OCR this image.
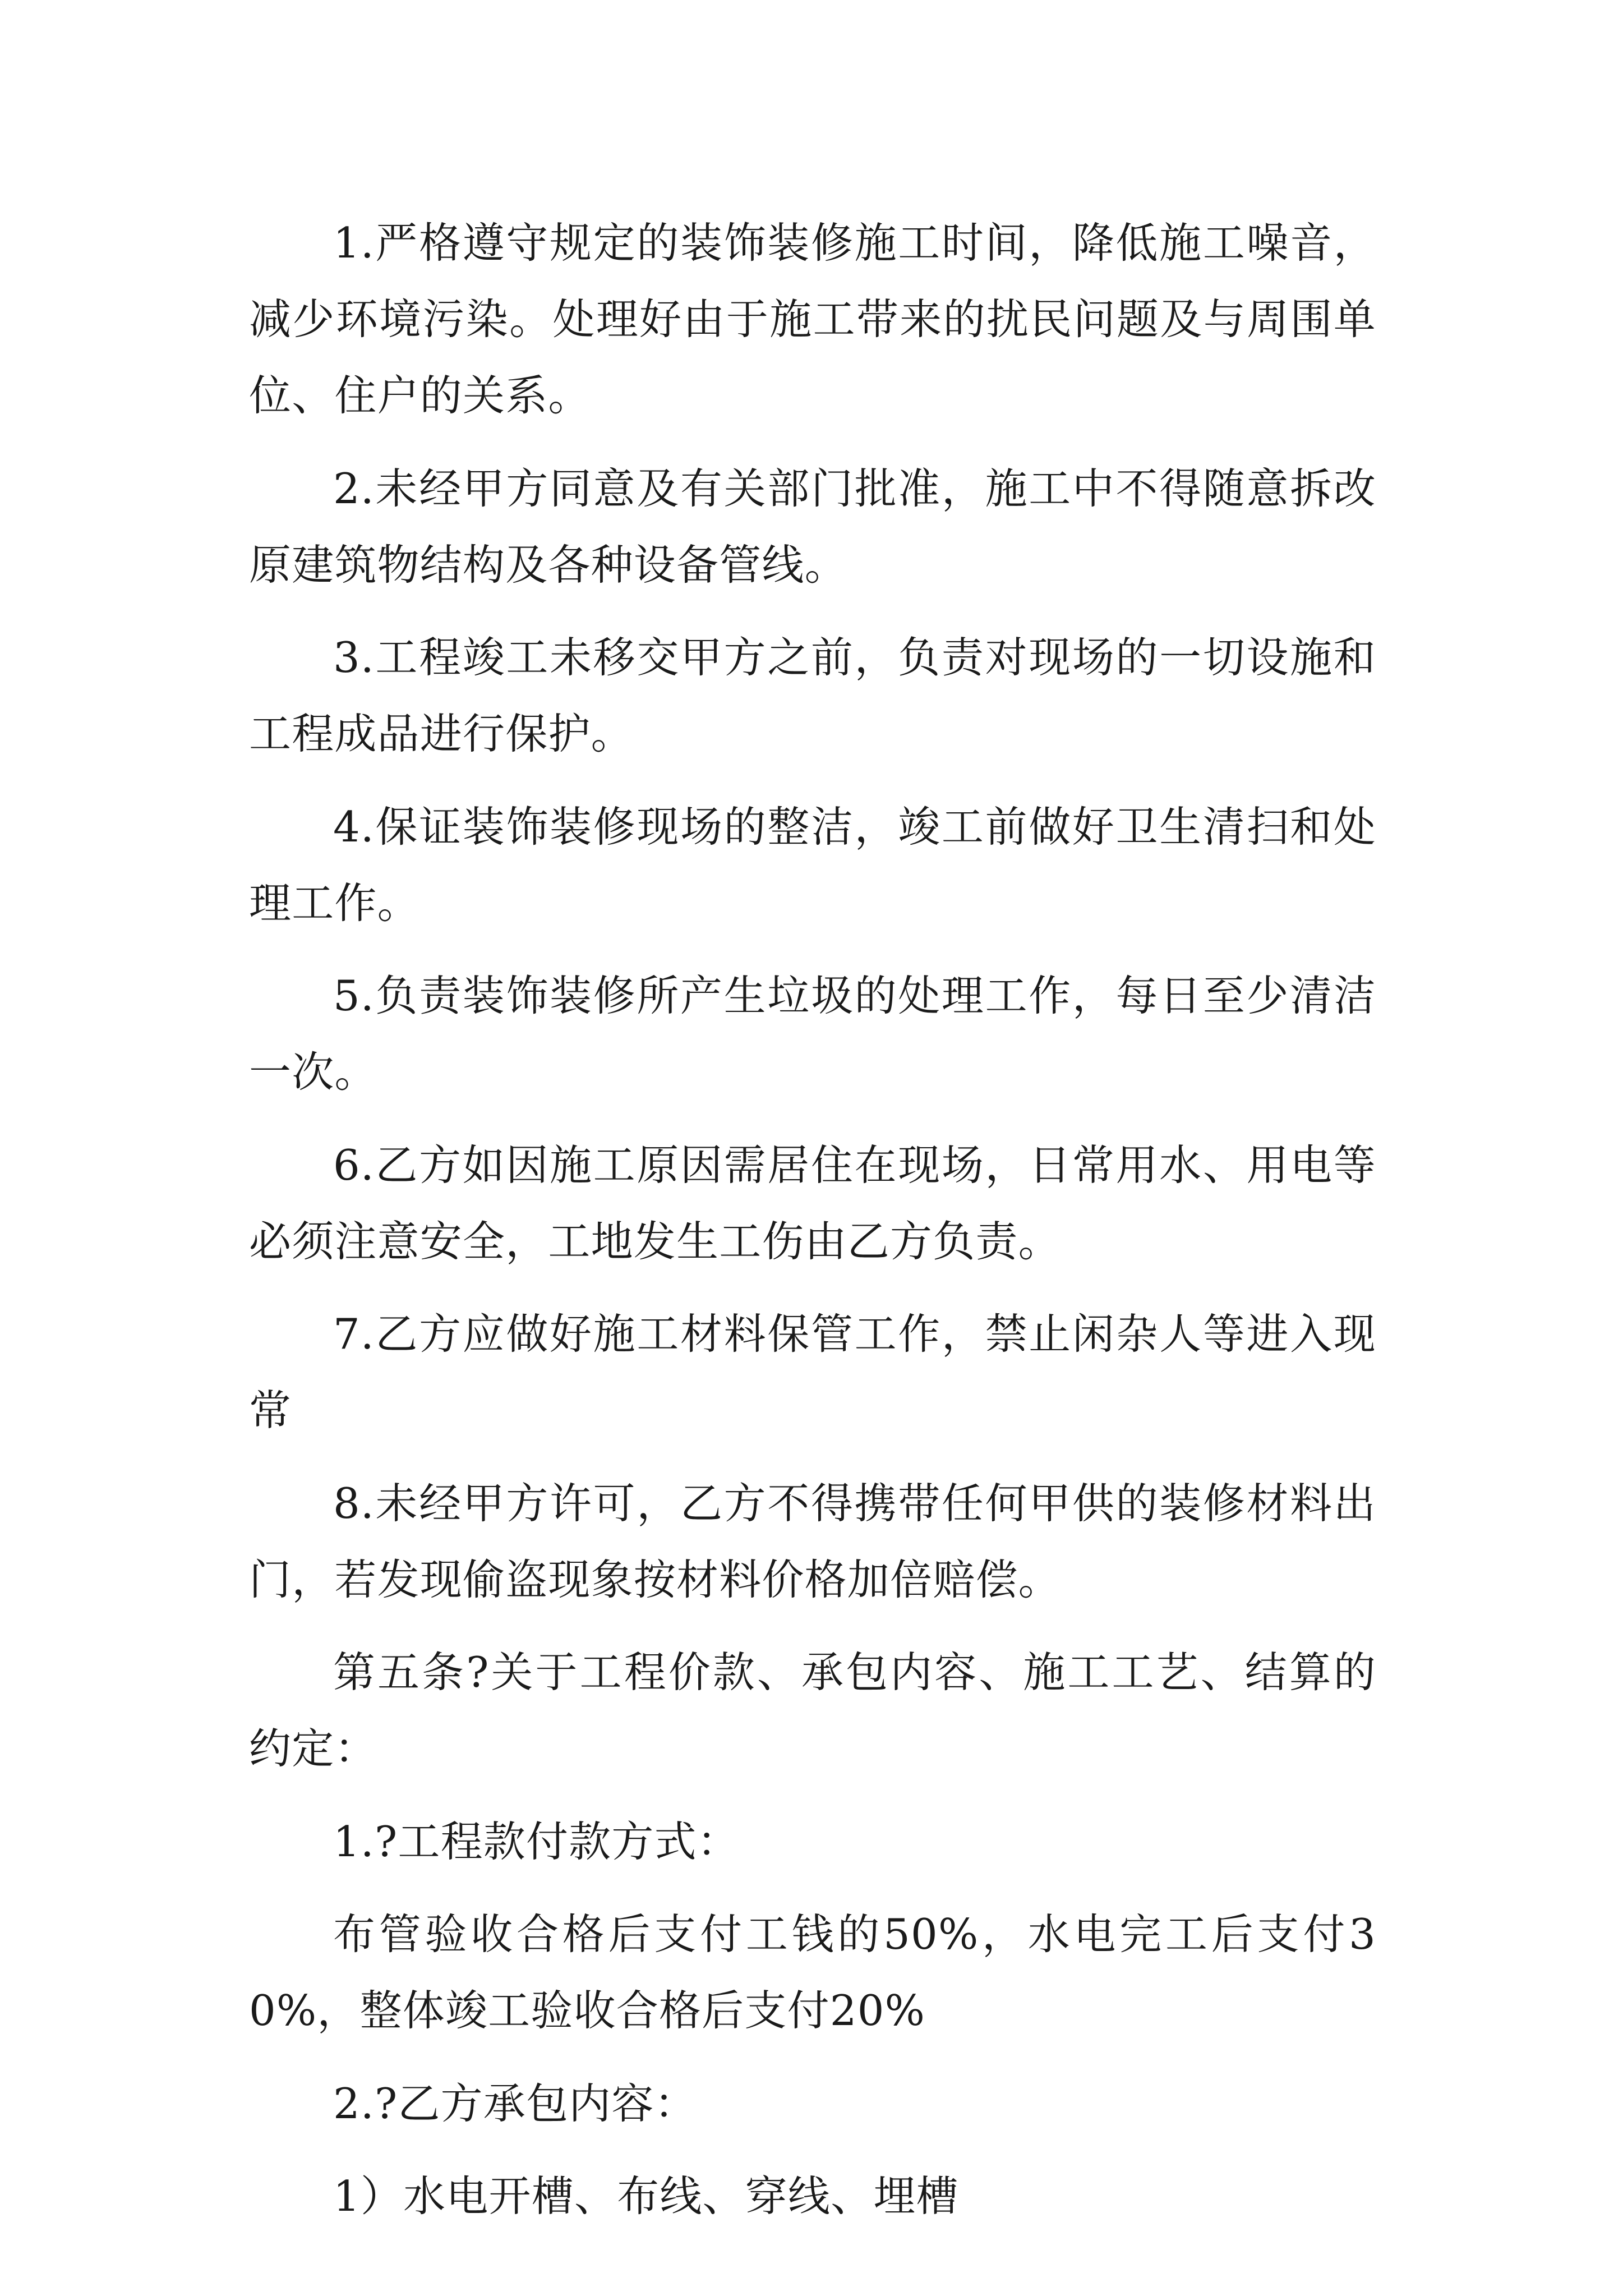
1.严格遵守规定的装饰装修施工时间，降低施工噪音，减少环境污染。处理好由于施工带来的扰民问题及与周围单位、住户的关系。

2.未经甲方同意及有关部门批准，施工中不得随意拆改原建筑物结构及各种设备管线。

3.工程竣工未移交甲方之前，负责对现场的一切设施和工程成品进行保护。

4.保证装饰装修现场的整洁，竣工前做好卫生清扫和处理工作。

5.负责装饰装修所产生垃圾的处理工作，每日至少清洁一次。

6.乙方如因施工原因需居住在现场，日常用水、用电等必须注意安全，工地发生工伤由乙方负责。

7.乙方应做好施工材料保管工作，禁止闲杂人等进入现常

8.未经甲方许可，乙方不得携带任何甲供的装修材料出门，若发现偷盗现象按材料价格加倍赔偿。

第五条?关于工程价款、承包内容、施工工艺、结算的约定：

1.?工程款付款方式：

布管验收合格后支付工钱的50%，水电完工后支付30%，整体竣工验收合格后支付20%

2.?乙方承包内容：

1）水电开槽、布线、穿线、埋槽
